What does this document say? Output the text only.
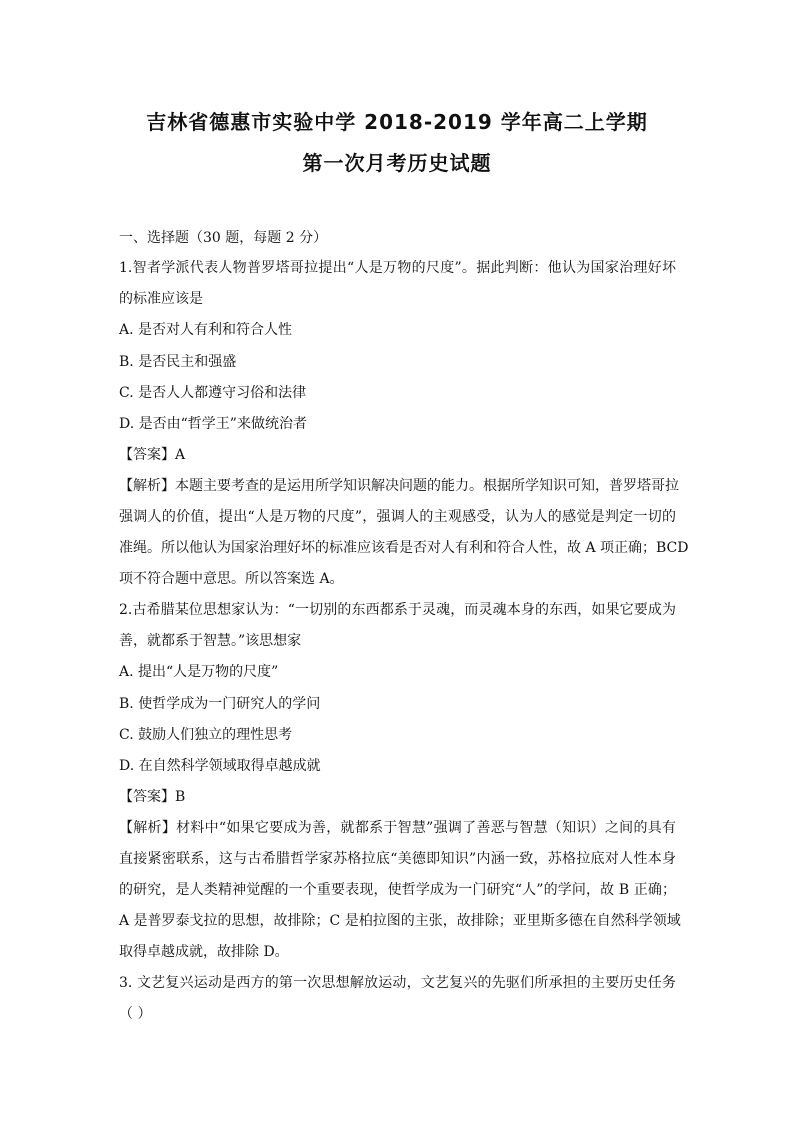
吉林省德惠市实验中学 2018-2019 学年高二上学期
第一次月考历史试题
一、选择题（30 题，每题 2 分）
1.智者学派代表人物普罗塔哥拉提出“人是万物的尺度”。据此判断：他认为国家治理好坏
的标准应该是
A. 是否对人有利和符合人性
B. 是否民主和强盛
C. 是否人人都遵守习俗和法律
D. 是否由“哲学王”来做统治者
【答案】A
【解析】本题主要考查的是运用所学知识解决问题的能力。根据所学知识可知，普罗塔哥拉
强调人的价值，提出“人是万物的尺度”，强调人的主观感受，认为人的感觉是判定一切的
准绳。所以他认为国家治理好坏的标准应该看是否对人有利和符合人性，故 A 项正确；BCD
项不符合题中意思。所以答案选 A。
2.古希腊某位思想家认为：“一切别的东西都系于灵魂，而灵魂本身的东西，如果它要成为
善，就都系于智慧。”该思想家
A. 提出“人是万物的尺度”
B. 使哲学成为一门研究人的学问
C. 鼓励人们独立的理性思考
D. 在自然科学领域取得卓越成就
【答案】B
【解析】材料中“如果它要成为善，就都系于智慧”强调了善恶与智慧（知识）之间的具有
直接紧密联系，这与古希腊哲学家苏格拉底“美德即知识”内涵一致，苏格拉底对人性本身
的研究，是人类精神觉醒的一个重要表现，使哲学成为一门研究“人”的学问，故 B 正确；
A 是普罗泰戈拉的思想，故排除；C 是柏拉图的主张，故排除；亚里斯多德在自然科学领域
取得卓越成就，故排除 D。
3. 文艺复兴运动是西方的第一次思想解放运动，文艺复兴的先驱们所承担的主要历史任务
（ ）
